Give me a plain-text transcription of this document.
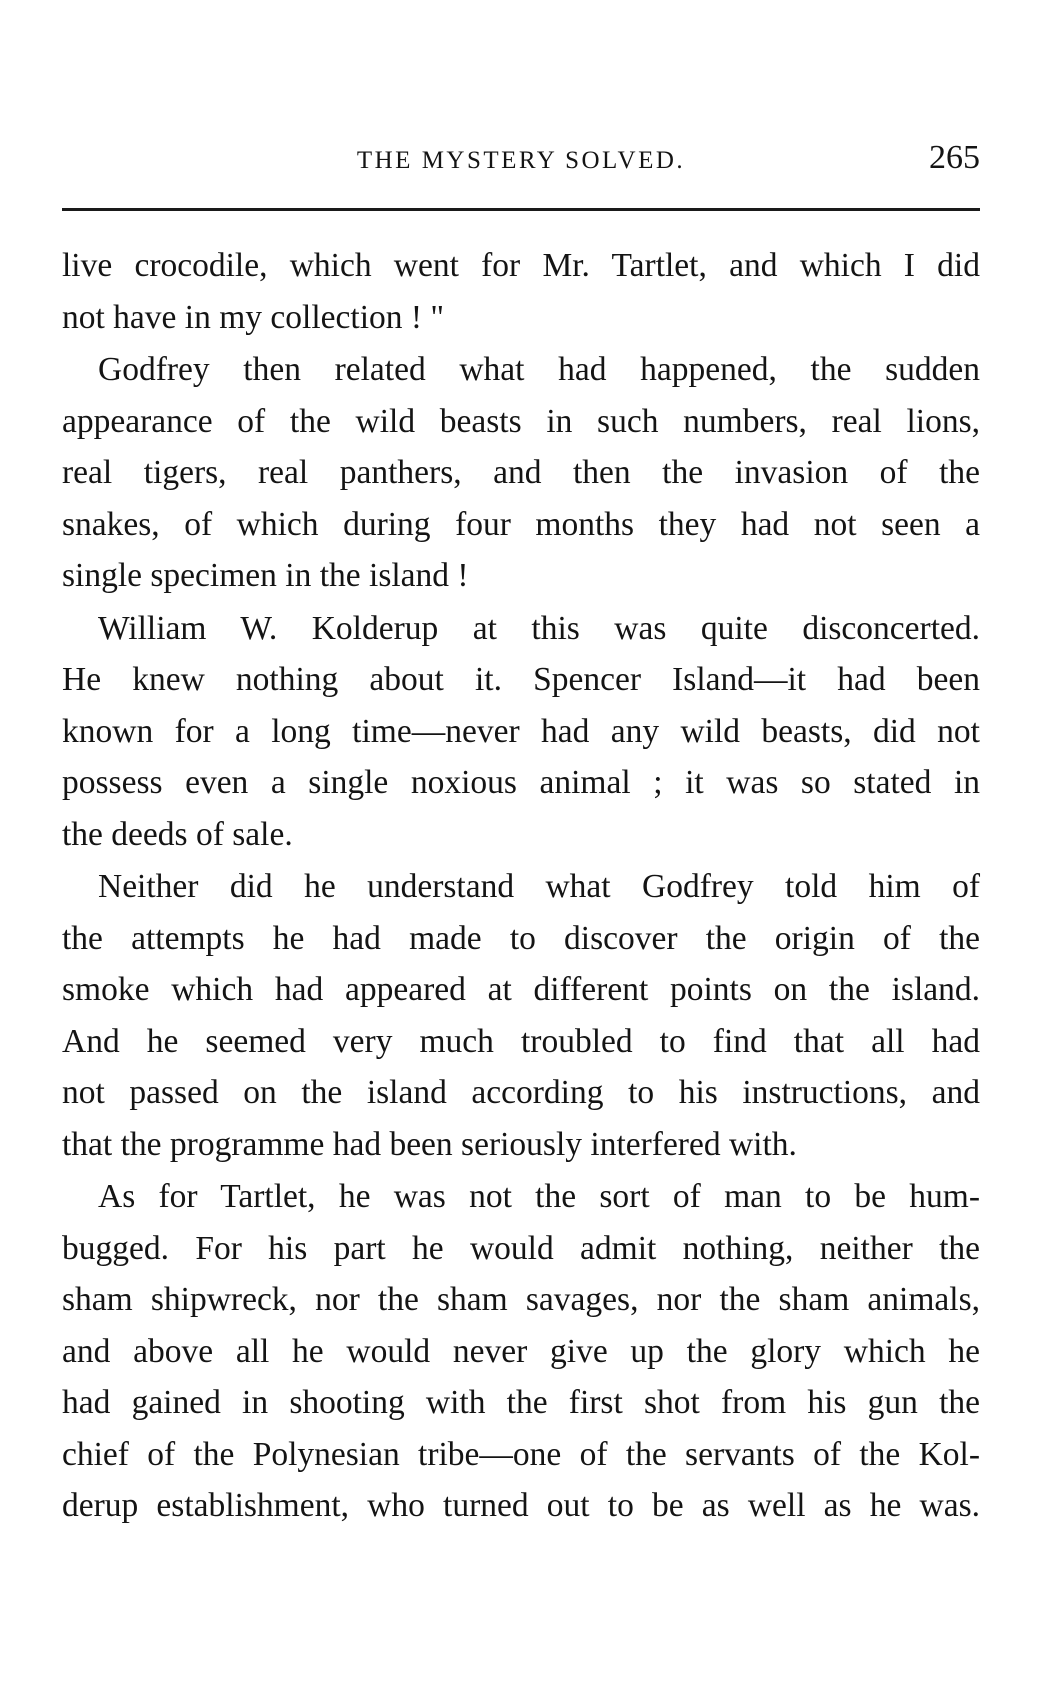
THE MYSTERY SOLVED.	265

live crocodile, which went for Mr. Tartlet, and which I did
not have in my collection ! "

Godfrey then related what had happened, the sudden
appearance of the wild beasts in such numbers, real lions,
real tigers, real panthers, and then the invasion of the
snakes, of which during four months they had not seen a
single specimen in the island !

William W. Kolderup at this was quite disconcerted.
He knew nothing about it. Spencer Island—it had been
known for a long time—never had any wild beasts, did not
possess even a single noxious animal ; it was so stated in
the deeds of sale.

Neither did he understand what Godfrey told him of
the attempts he had made to discover the origin of the
smoke which had appeared at different points on the island.
And he seemed very much troubled to find that all had
not passed on the island according to his instructions, and
that the programme had been seriously interfered with.

As for Tartlet, he was not the sort of man to be hum-
bugged. For his part he would admit nothing, neither the
sham shipwreck, nor the sham savages, nor the sham animals,
and above all he would never give up the glory which he
had gained in shooting with the first shot from his gun the
chief of the Polynesian tribe—one of the servants of the Kol-
derup establishment, who turned out to be as well as he was.
